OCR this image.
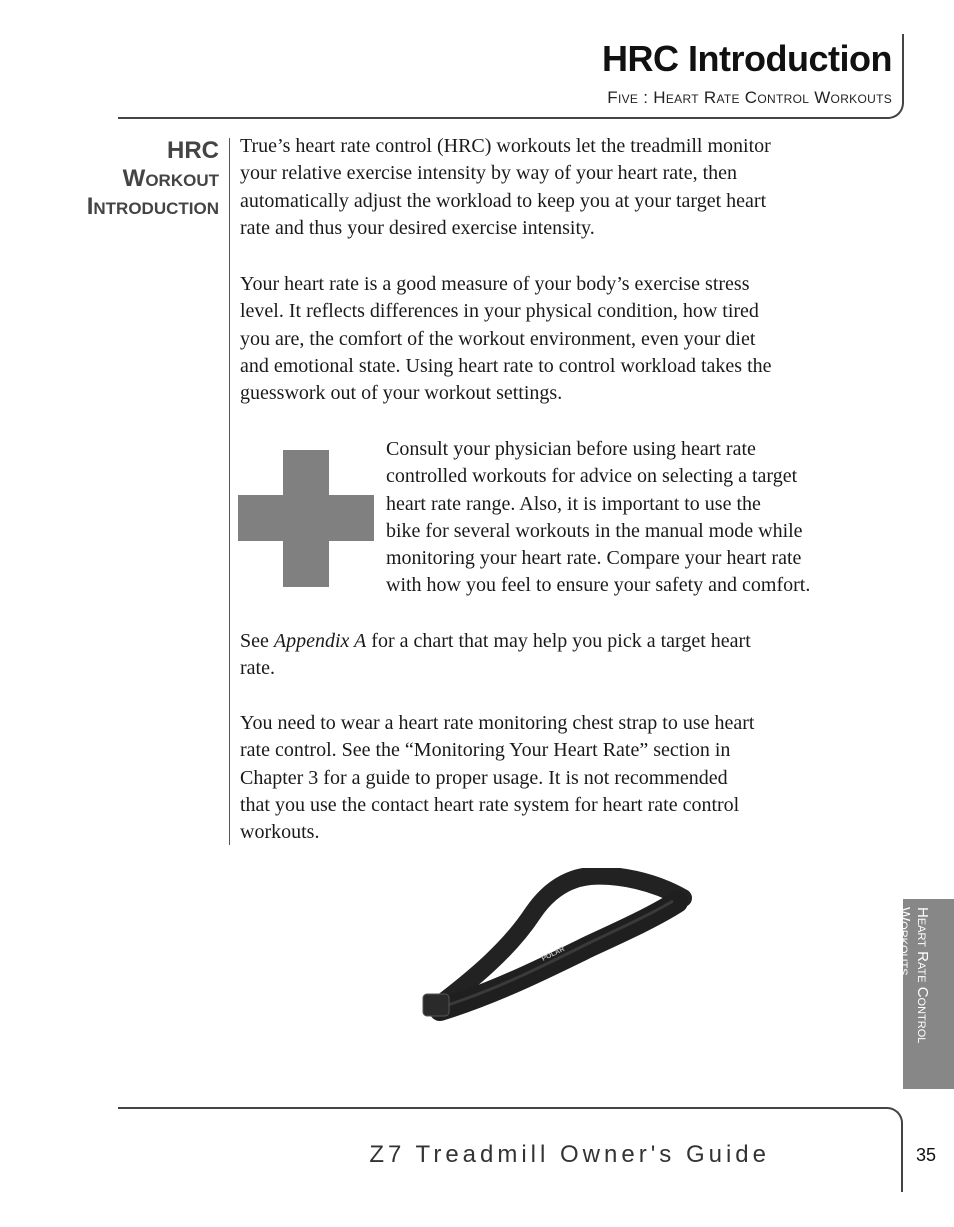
HRC Introduction
Five : Heart Rate Control Workouts
HRC
Workout
Introduction

True’s heart rate control (HRC) workouts let the treadmill monitor

your relative exercise intensity by way of your heart rate, then

automatically adjust the workload to keep you at your target heart

rate and thus your desired exercise intensity.

Your heart rate is a good measure of your body’s exercise stress

level. It reflects differences in your physical condition, how tired

you are, the comfort of the workout environment, even your diet

and emotional state. Using heart rate to control workload takes the

guesswork out of your workout settings.

Consult your physician before using heart rate

controlled workouts for advice on selecting a target

heart rate range. Also, it is important to use the

bike for several workouts in the manual mode while

monitoring your heart rate. Compare your heart rate

with how you feel to ensure your safety and comfort.

See Appendix A for a chart that may help you pick a target heart

rate.

You need to wear a heart rate monitoring chest strap to use heart

rate control. See the “Monitoring Your Heart Rate” section in

Chapter 3 for a guide to proper usage. It is not recommended

that you use the contact heart rate system for heart rate control

workouts.

POLAR	Heart Rate Control
Workouts
Z7 Treadmill Owner's Guide	35
